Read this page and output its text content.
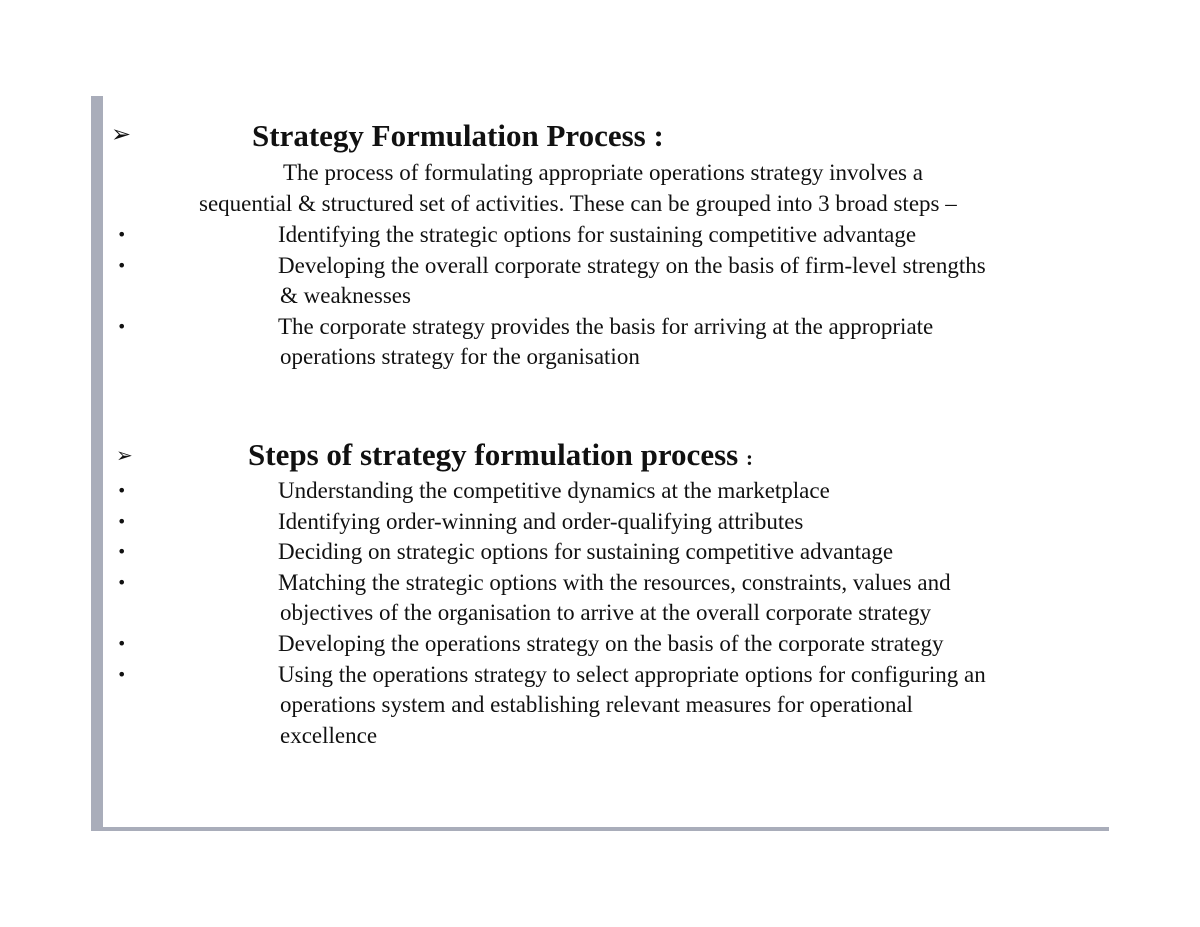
➢	Strategy Formulation Process :
The process of formulating appropriate operations strategy involves a
sequential & structured set of activities. These can be grouped into 3 broad steps –
•	Identifying the strategic options for sustaining competitive advantage
•	Developing the overall corporate strategy on the basis of firm-level strengths
& weaknesses
•	The corporate strategy provides the basis for arriving at the appropriate
operations strategy for the organisation
➢	Steps of strategy formulation process :
•	Understanding the competitive dynamics at the marketplace
•	Identifying order-winning and order-qualifying attributes
•	Deciding on strategic options for sustaining competitive advantage
•	Matching the strategic options with the resources, constraints, values and
objectives of the organisation to arrive at the overall corporate strategy
•	Developing the operations strategy on the basis of the corporate strategy
•	Using the operations strategy to select appropriate options for configuring an
operations system and establishing relevant measures for operational
excellence
